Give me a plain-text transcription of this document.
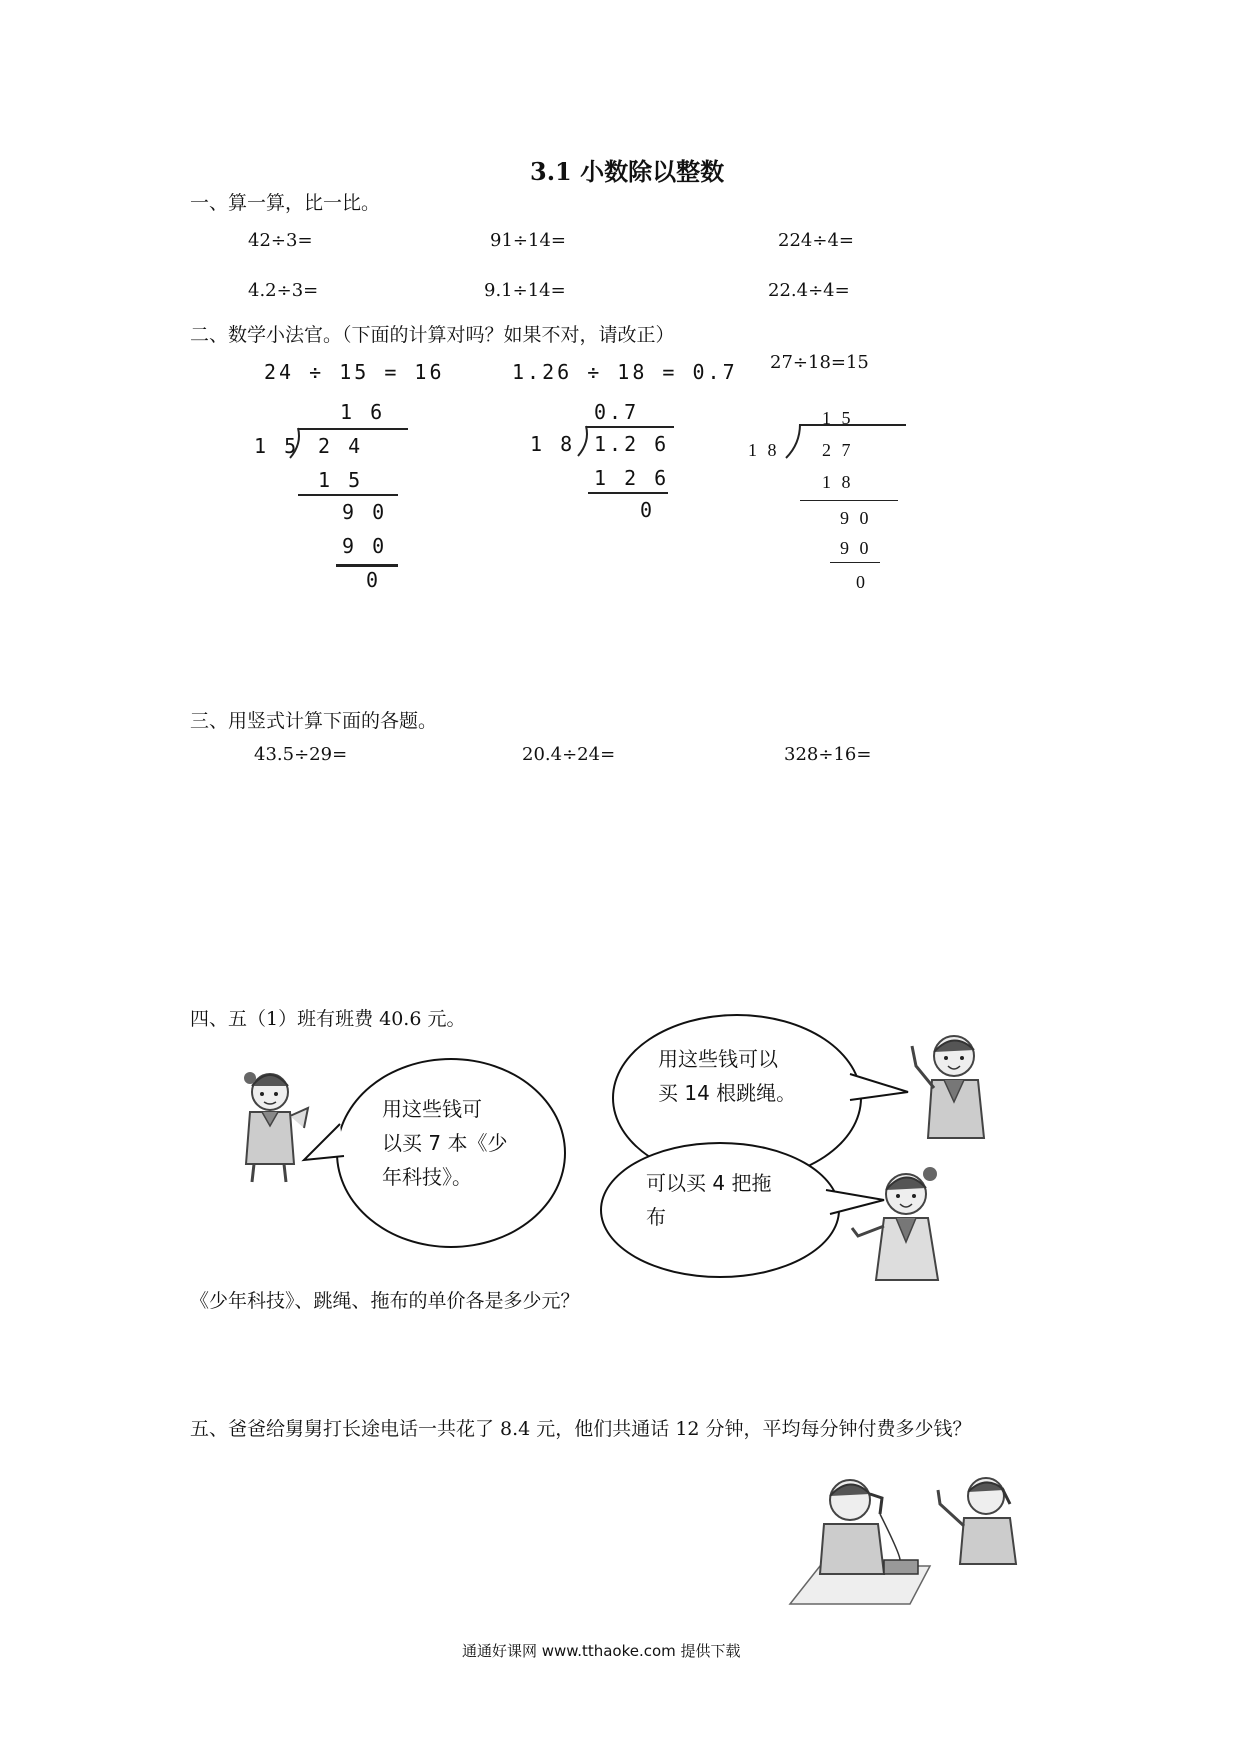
3.1 小数除以整数
一、算一算，比一比。
42÷3=	91÷14=	224÷4=
4.2÷3=	9.1÷14=	22.4÷4=
二、数学小法官。（下面的计算对吗？如果不对，请改正）
24 ÷ 15 = 16
1 6
1 5 2 4
1 5
9 0
9 0
0
1.26 ÷ 18 = 0.7
0.7
1 8 1.2 6
1 2 6
0
27÷18=15
1 5
1 8 2 7
1 8
9 0
9 0
0
三、用竖式计算下面的各题。
43.5÷29=	20.4÷24=	328÷16=
四、五（1）班有班费 40.6 元。
用这些钱可
以买 7 本《少
年科技》。
用这些钱可以
买 14 根跳绳。
可以买 4 把拖
布
《少年科技》、跳绳、拖布的单价各是多少元？
五、爸爸给舅舅打长途电话一共花了 8.4 元，他们共通话 12 分钟，平均每分钟付费多少钱？
通通好课网 www.tthaoke.com 提供下载
